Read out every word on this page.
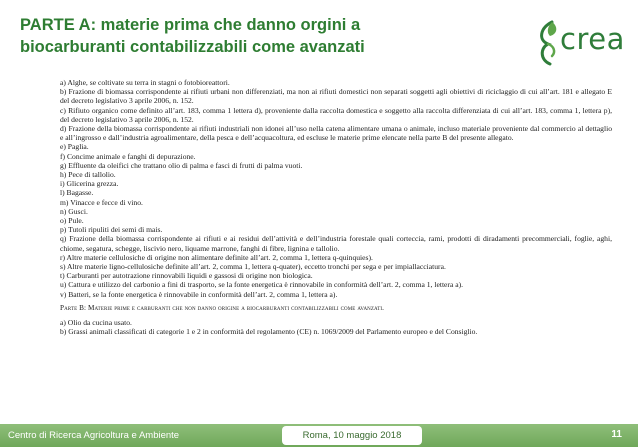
PARTE A: materie prima che danno orgini a
biocarburanti contabilizzabili come avanzati	crea

a) Alghe, se coltivate su terra in stagni o fotobioreattori.

b) Frazione di biomassa corrispondente ai rifiuti urbani non differenziati, ma non ai rifiuti domestici non separati soggetti agli obiettivi di riciclaggio di cui all’art. 181 e allegato E del decreto legislativo 3 aprile 2006, n. 152.

c) Rifiuto organico come definito all’art. 183, comma 1 lettera d), proveniente dalla raccolta domestica e soggetto alla raccolta differenziata di cui all’art. 183, comma 1, lettera p), del decreto legislativo 3 aprile 2006, n. 152.

d) Frazione della biomassa corrispondente ai rifiuti industriali non idonei all’uso nella catena alimentare umana o animale, incluso materiale proveniente dal commercio al dettaglio e all’ingrosso e dall’industria agroalimentare, della pesca e dell’acquacoltura, ed escluse le materie prime elencate nella parte B del presente allegato.

e) Paglia.

f) Concime animale e fanghi di depurazione.

g) Effluente da oleifici che trattano olio di palma e fasci di frutti di palma vuoti.

h) Pece di tallolio.

i) Glicerina grezza.

l) Bagasse.

m) Vinacce e fecce di vino.

n) Gusci.

o) Pule.

p) Tutoli ripuliti dei semi di mais.

q) Frazione della biomassa corrispondente ai rifiuti e ai residui dell’attività e dell’industria forestale quali corteccia, rami, prodotti di diradamenti precommerciali, foglie, aghi, chiome, segatura, schegge, liscivio nero, liquame marrone, fanghi di fibre, lignina e tallolio.

r) Altre materie cellulosiche di origine non alimentare definite all’art. 2, comma 1, lettera q-quinquies).

s) Altre materie ligno-cellulosiche definite all’art. 2, comma 1, lettera q-quater), eccetto tronchi per sega e per impiallacciatura.

t) Carburanti per autotrazione rinnovabili liquidi e gassosi di origine non biologica.

u) Cattura e utilizzo del carbonio a fini di trasporto, se la fonte energetica è rinnovabile in conformità dell’art. 2, comma 1, lettera a).

v) Batteri, se la fonte energetica è rinnovabile in conformità dell’art. 2, comma 1, lettera a).

Parte B: Materie prime e carburanti che non danno origine a biocarburanti contabilizzabili come avanzati.

a) Olio da cucina usato.

b) Grassi animali classificati di categorie 1 e 2 in conformità del regolamento (CE) n. 1069/2009 del Parlamento europeo e del Consiglio.

Centro di Ricerca Agricoltura e Ambiente	Roma, 10 maggio 2018	11
